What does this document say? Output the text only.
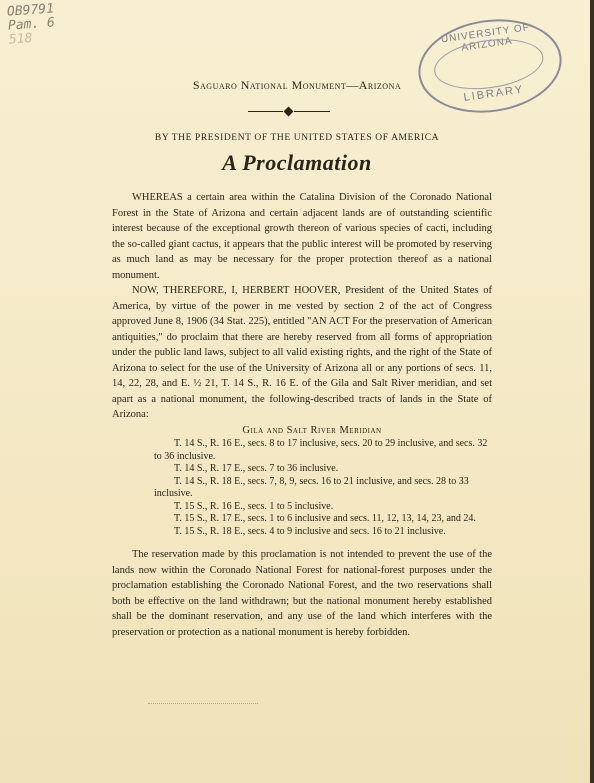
OB9791
Pam. 6
518	UNIVERSITY OF ARIZONA
LIBRARY
Saguaro National Monument—Arizona
BY THE PRESIDENT OF THE UNITED STATES OF AMERICA
A Proclamation

WHEREAS a certain area within the Catalina Division of the Coronado National Forest in the State of Arizona and certain adjacent lands are of outstanding scientific interest because of the exceptional growth thereon of various species of cacti, including the so-called giant cactus, it appears that the public interest will be promoted by reserving as much land as may be necessary for the proper protection thereof as a national monument.

NOW, THEREFORE, I, HERBERT HOOVER, President of the United States of America, by virtue of the power in me vested by section 2 of the act of Congress approved June 8, 1906 (34 Stat. 225), entitled "AN ACT For the preservation of American antiquities," do proclaim that there are hereby reserved from all forms of appropriation under the public land laws, subject to all valid existing rights, and the right of the State of Arizona to select for the use of the University of Arizona all or any portions of secs. 11, 14, 22, 28, and E. ½ 21, T. 14 S., R. 16 E. of the Gila and Salt River meridian, and set apart as a national monument, the following-described tracts of lands in the State of Arizona:

Gila and Salt River Meridian

T. 14 S., R. 16 E., secs. 8 to 17 inclusive, secs. 20 to 29 inclusive, and secs. 32 to 36 inclusive.

T. 14 S., R. 17 E., secs. 7 to 36 inclusive.

T. 14 S., R. 18 E., secs. 7, 8, 9, secs. 16 to 21 inclusive, and secs. 28 to 33 inclusive.

T. 15 S., R. 16 E., secs. 1 to 5 inclusive.

T. 15 S., R. 17 E., secs. 1 to 6 inclusive and secs. 11, 12, 13, 14, 23, and 24.

T. 15 S., R. 18 E., secs. 4 to 9 inclusive and secs. 16 to 21 inclusive.

The reservation made by this proclamation is not intended to prevent the use of the lands now within the Coronado National Forest for national-forest purposes under the proclamation establishing the Coronado National Forest, and the two reservations shall both be effective on the land withdrawn; but the national monument hereby established shall be the dominant reservation, and any use of the land which interferes with the preservation or protection as a national monument is hereby forbidden.
